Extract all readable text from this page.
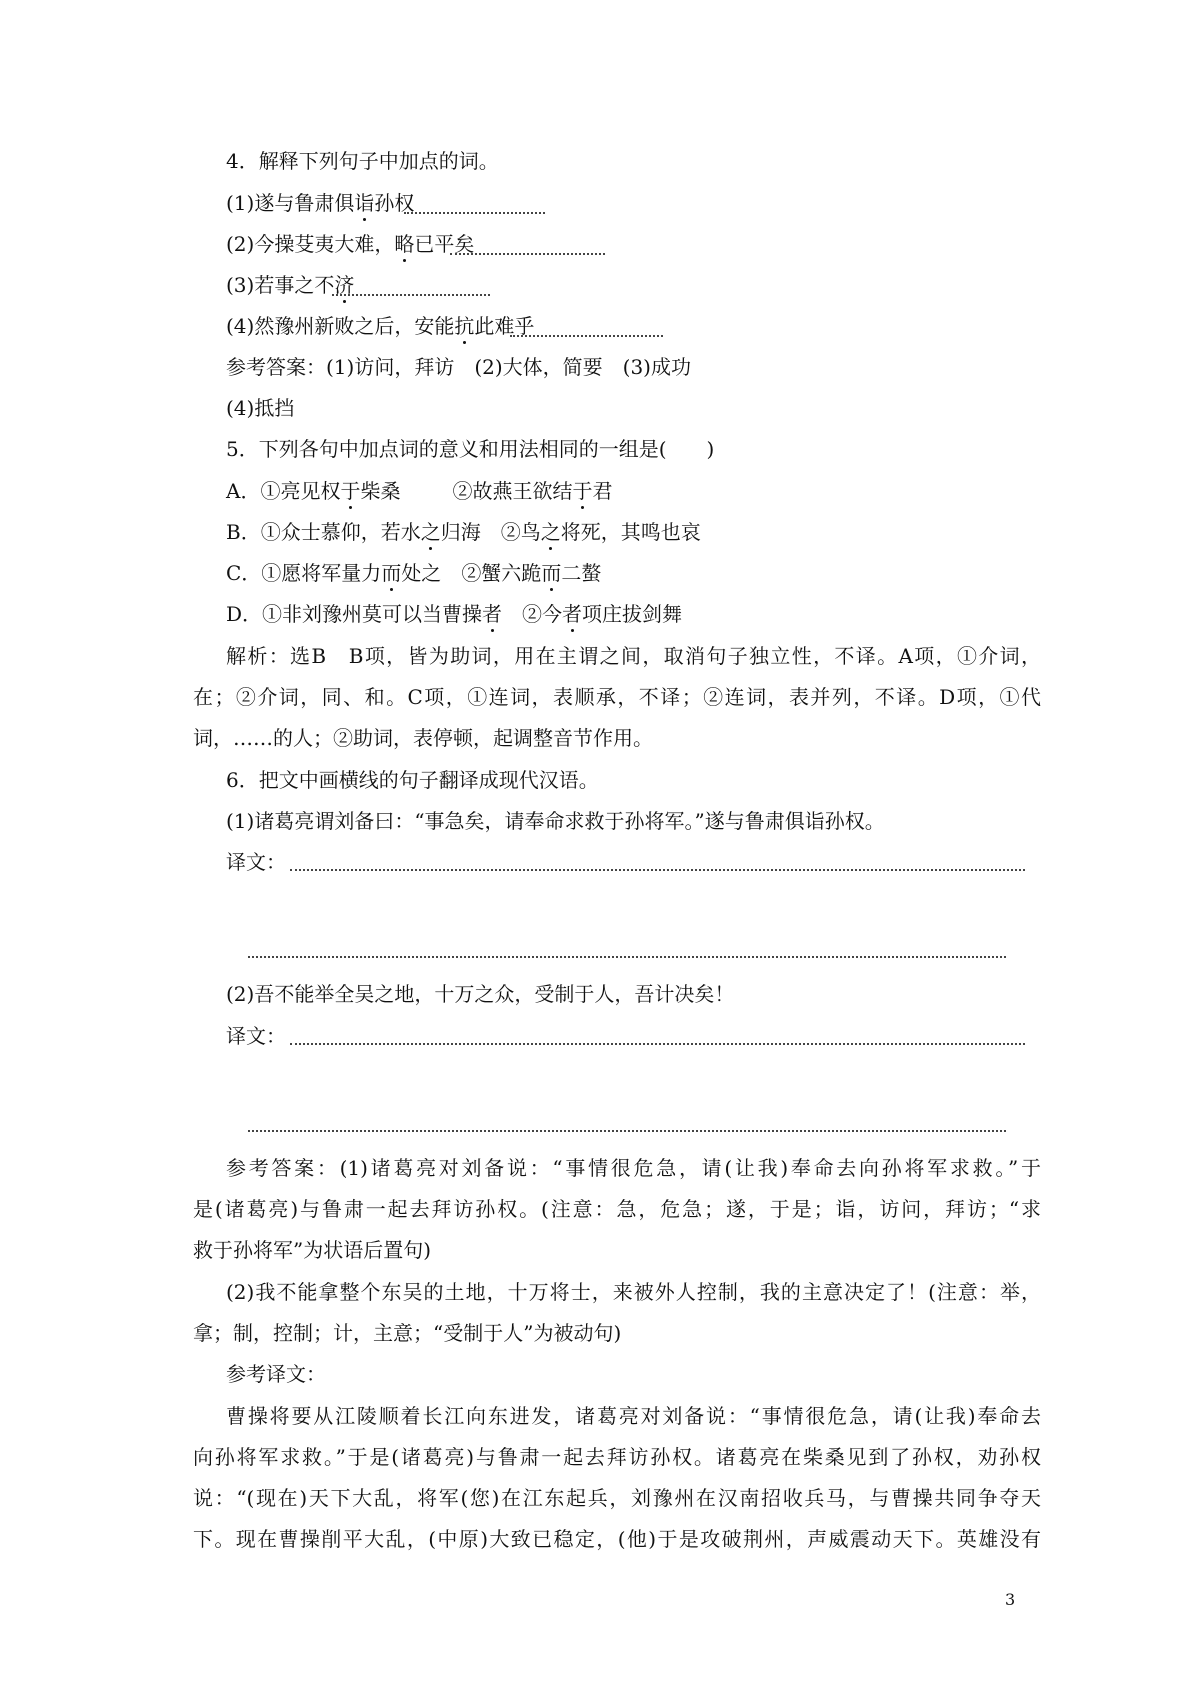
4．解释下列句子中加点的词。
(1)遂与鲁肃俱诣孙权
(2)今操芟夷大难，略已平矣
(3)若事之不济
(4)然豫州新败之后，安能抗此难乎
参考答案：(1)访问，拜访　(2)大体，简要　(3)成功
(4)抵挡
5．下列各句中加点词的意义和用法相同的一组是(　　)
A．①亮见权于柴桑	②故燕王欲结于君
B．①众士慕仰，若水之归海 ②鸟之将死，其鸣也哀
C．①愿将军量力而处之 ②蟹六跪而二螯
D．①非刘豫州莫可以当曹操者 ②今者项庄拔剑舞
解析：选B　B项，皆为助词，用在主谓之间，取消句子独立性，不译。A项，①介词，
在；②介词，同、和。C项，①连词，表顺承，不译；②连词，表并列，不译。D项，①代
词，……的人；②助词，表停顿，起调整音节作用。
6．把文中画横线的句子翻译成现代汉语。
(1)诸葛亮谓刘备曰：“事急矣，请奉命求救于孙将军。”遂与鲁肃俱诣孙权。
译文：
(2)吾不能举全吴之地，十万之众，受制于人，吾计决矣！
译文：
参考答案：(1)诸葛亮对刘备说：“事情很危急，请(让我)奉命去向孙将军求救。”于
是(诸葛亮)与鲁肃一起去拜访孙权。(注意：急，危急；遂，于是；诣，访问，拜访；“求
救于孙将军”为状语后置句)
(2)我不能拿整个东吴的土地，十万将士，来被外人控制，我的主意决定了！(注意：举，
拿；制，控制；计，主意；“受制于人”为被动句)
参考译文：
曹操将要从江陵顺着长江向东进发，诸葛亮对刘备说：“事情很危急，请(让我)奉命去
向孙将军求救。”于是(诸葛亮)与鲁肃一起去拜访孙权。诸葛亮在柴桑见到了孙权，劝孙权
说：“(现在)天下大乱，将军(您)在江东起兵，刘豫州在汉南招收兵马，与曹操共同争夺天
下。现在曹操削平大乱，(中原)大致已稳定，(他)于是攻破荆州，声威震动天下。英雄没有
3
